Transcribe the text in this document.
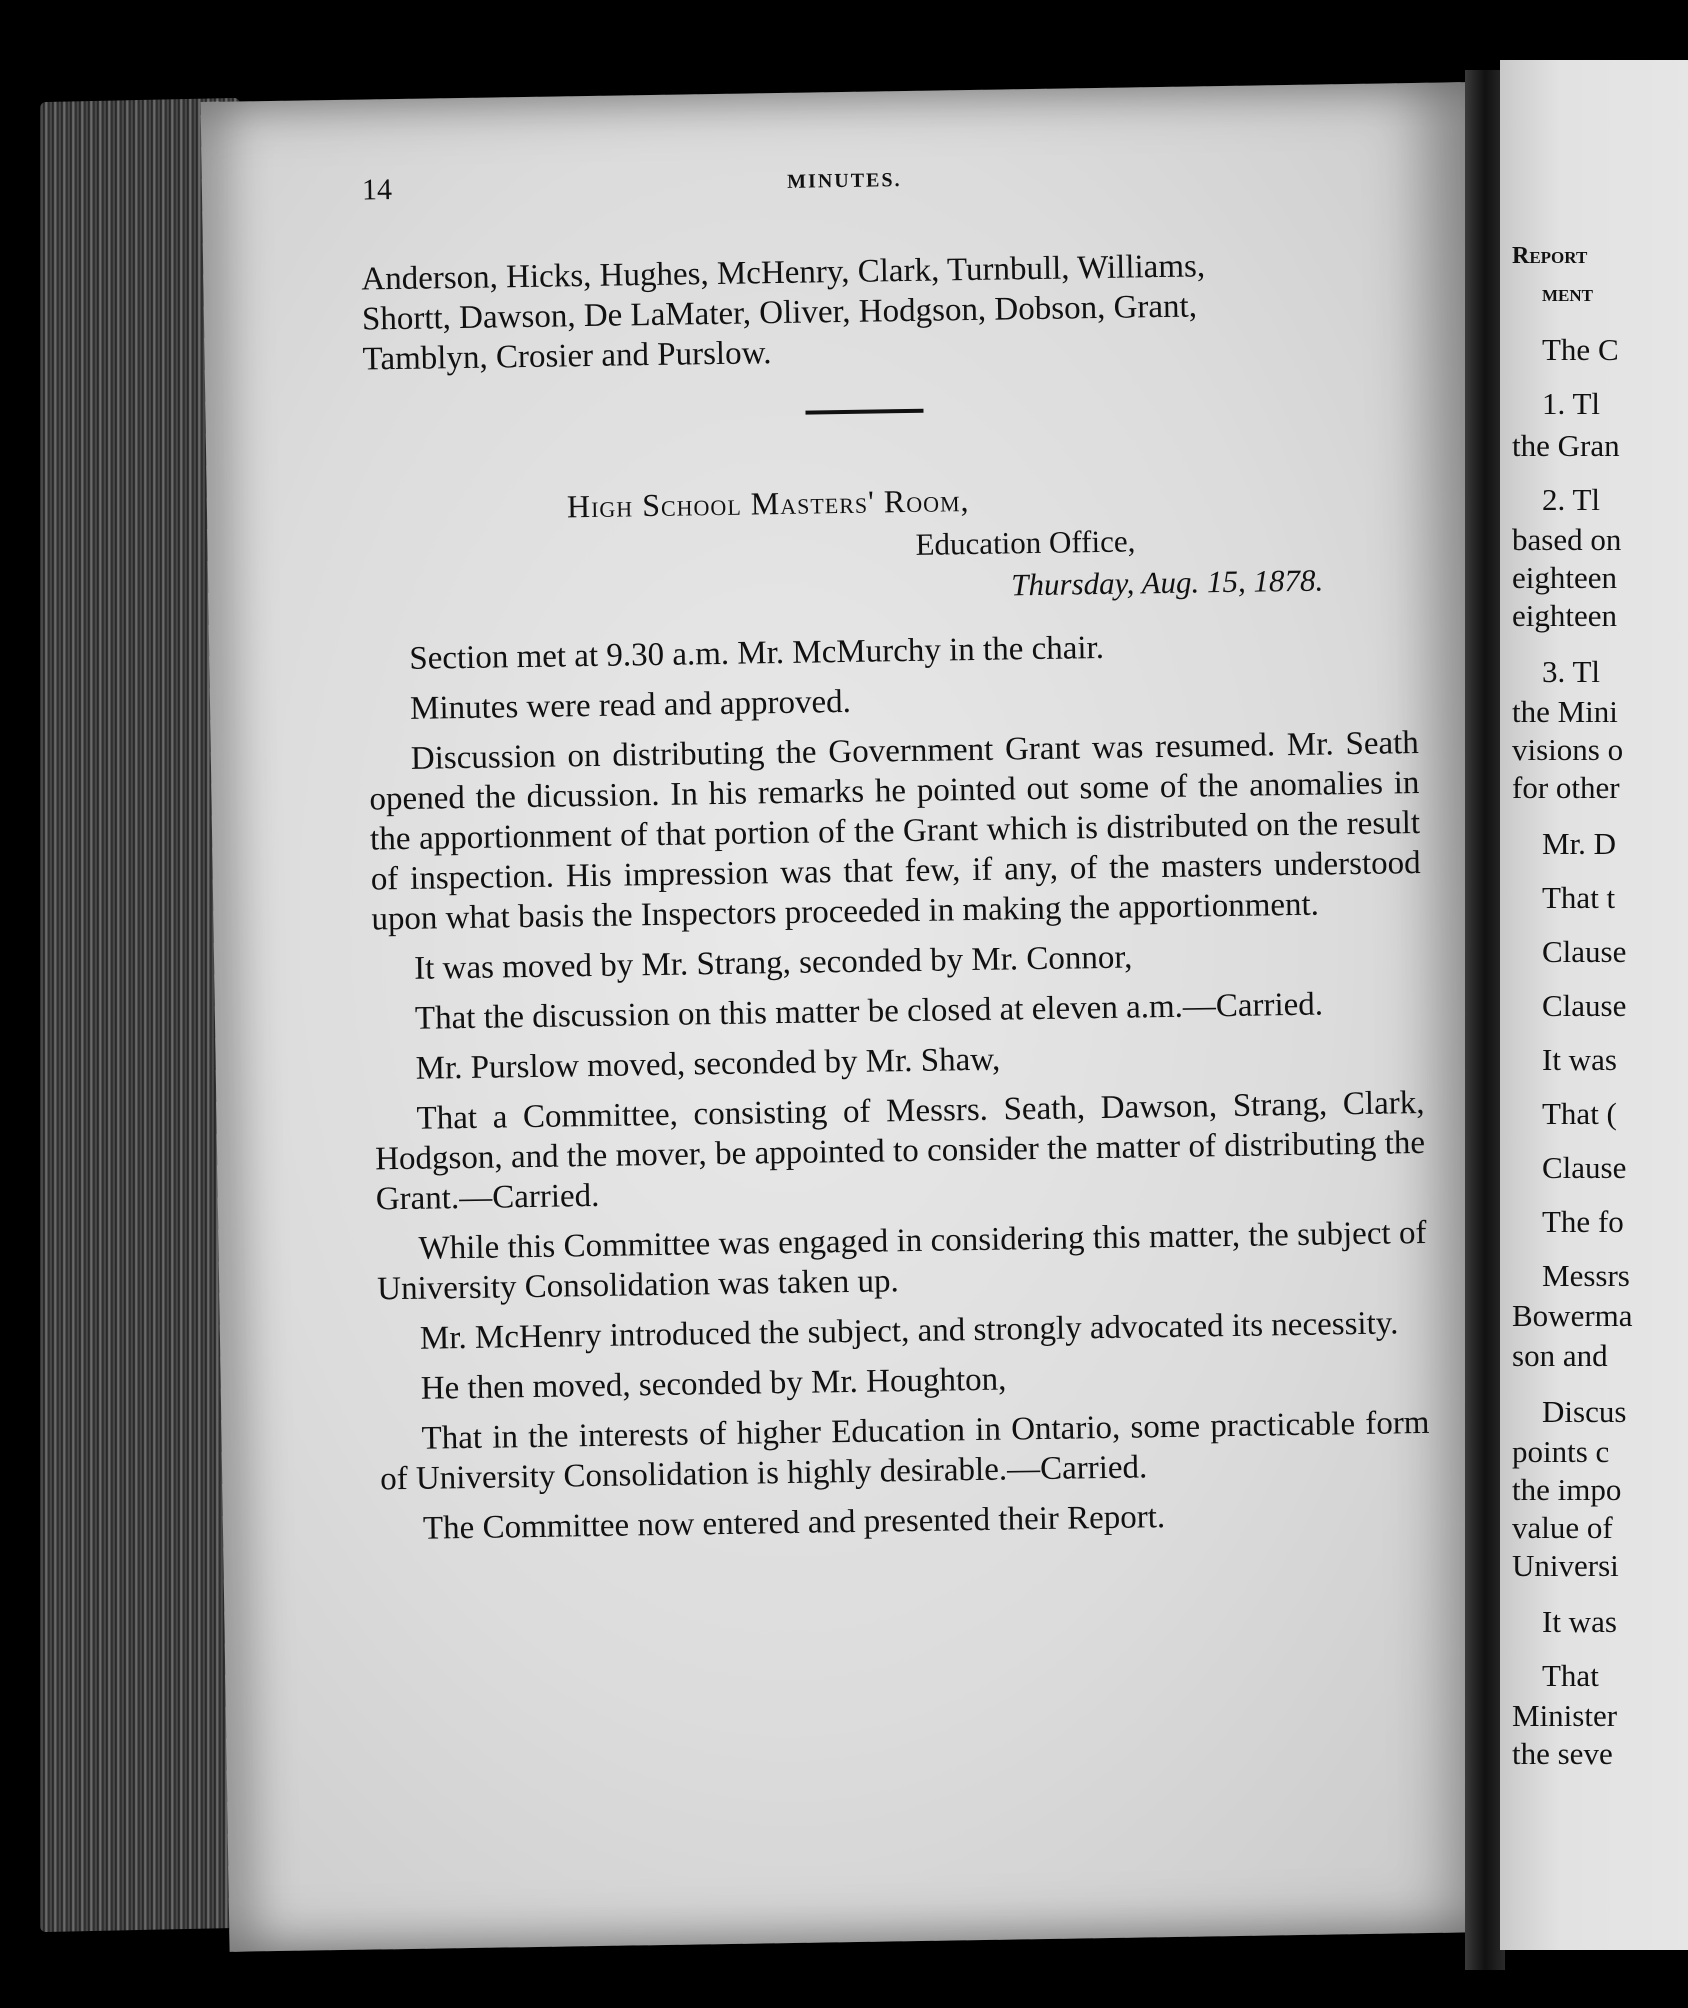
14	MINUTES.
Anderson, Hicks, Hughes, McHenry, Clark, Turnbull, Williams,
Shortt, Dawson, De LaMater, Oliver, Hodgson, Dobson, Grant,
Tamblyn, Crosier and Purslow.
High School Masters' Room,
Education Office,
Thursday, Aug. 15, 1878.

Section met at 9.30 a.m. Mr. McMurchy in the chair.

Minutes were read and approved.

Discussion on distributing the Government Grant was resumed. Mr. Seath opened the dicussion. In his remarks he pointed out some of the anomalies in the apportionment of that portion of the Grant which is distributed on the result of inspection. His impression was that few, if any, of the masters understood upon what basis the Inspectors proceeded in making the apportionment.

It was moved by Mr. Strang, seconded by Mr. Connor,

That the discussion on this matter be closed at eleven a.m.—Carried.

Mr. Purslow moved, seconded by Mr. Shaw,

That a Committee, consisting of Messrs. Seath, Dawson, Strang, Clark, Hodgson, and the mover, be appointed to consider the matter of distributing the Grant.—Carried.

While this Committee was engaged in considering this matter, the subject of University Consolidation was taken up.

Mr. McHenry introduced the subject, and strongly advocated its necessity.

He then moved, seconded by Mr. Houghton,

That in the interests of higher Education in Ontario, some practicable form of University Consolidation is highly desirable.—Carried.

The Committee now entered and presented their Report.

Report
ment
The C
1. Tl
the Gran
2. Tl
based on
eighteen
eighteen
3. Tl
the Mini
visions o
for other
Mr. D
That t
Clause
Clause
It was
That (
Clause
The fo
Messrs
Bowerma
son and
Discus
points c
the impo
value of
Universi
It was
That
Minister
the seve
